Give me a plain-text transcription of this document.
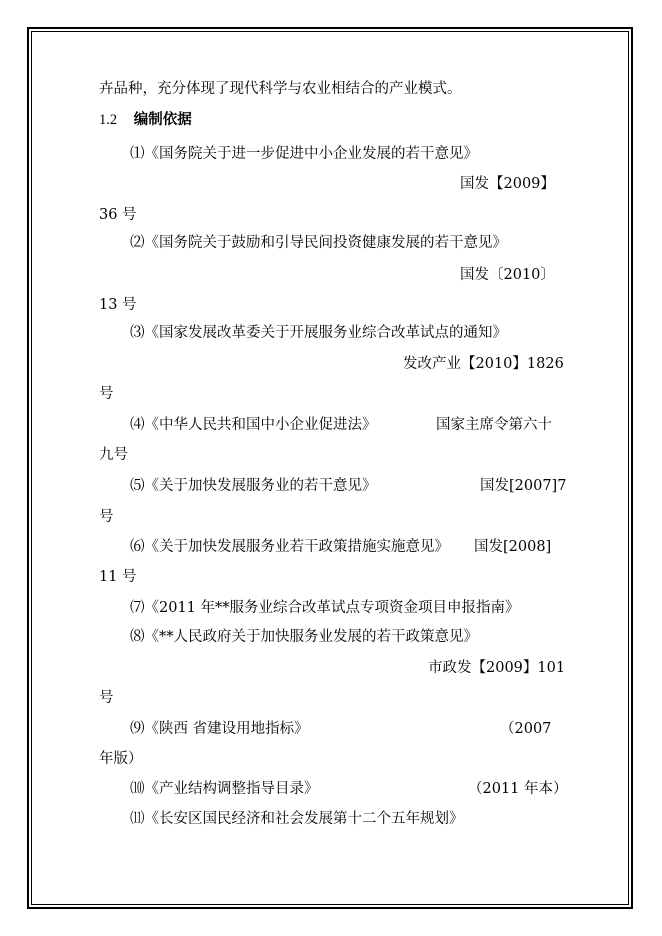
卉品种，充分体现了现代科学与农业相结合的产业模式。
1.2 编制依据
⑴《国务院关于进一步促进中小企业发展的若干意见》
国发【2009】
36 号
⑵《国务院关于鼓励和引导民间投资健康发展的若干意见》
国发〔2010〕
13 号
⑶《国家发展改革委关于开展服务业综合改革试点的通知》
发改产业【2010】1826
号
⑷《中华人民共和国中小企业促进法》	国家主席令第六十
九号
⑸《关于加快发展服务业的若干意见》	国发[2007]7
号
⑹《关于加快发展服务业若干政策措施实施意见》 国发[2008]
11 号
⑺《2011 年**服务业综合改革试点专项资金项目申报指南》
⑻《**人民政府关于加快服务业发展的若干政策意见》
市政发【2009】101
号
⑼《陕西 省建设用地指标》	（2007
年版）
⑽《产业结构调整指导目录》	（2011 年本）
⑾《长安区国民经济和社会发展第十二个五年规划》
